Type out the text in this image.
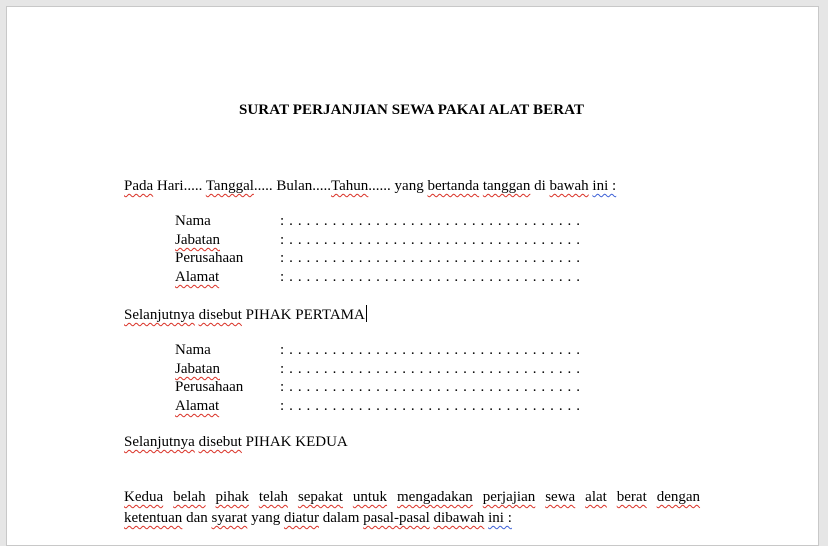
SURAT PERJANJIAN SEWA PAKAI ALAT BERAT
Pada Hari..... Tanggal..... Bulan.....Tahun...... yang bertanda tanggan di bawah ini :
Nama	: . . . . . . . . . . . . . . . . . . . . . . . . . . . . . . . . . .
Jabatan	: . . . . . . . . . . . . . . . . . . . . . . . . . . . . . . . . . .
Perusahaan : . . . . . . . . . . . . . . . . . . . . . . . . . . . . . . . . . .
Alamat	: . . . . . . . . . . . . . . . . . . . . . . . . . . . . . . . . . .
Selanjutnya disebut PIHAK PERTAMA
Nama	: . . . . . . . . . . . . . . . . . . . . . . . . . . . . . . . . . .
Jabatan	: . . . . . . . . . . . . . . . . . . . . . . . . . . . . . . . . . .
Perusahaan : . . . . . . . . . . . . . . . . . . . . . . . . . . . . . . . . . .
Alamat	: . . . . . . . . . . . . . . . . . . . . . . . . . . . . . . . . . .
Selanjutnya disebut PIHAK KEDUA
Kedua belah pihak telah sepakat untuk mengadakan perjajian sewa alat berat dengan
ketentuan dan syarat yang diatur dalam pasal-pasal dibawah ini :
